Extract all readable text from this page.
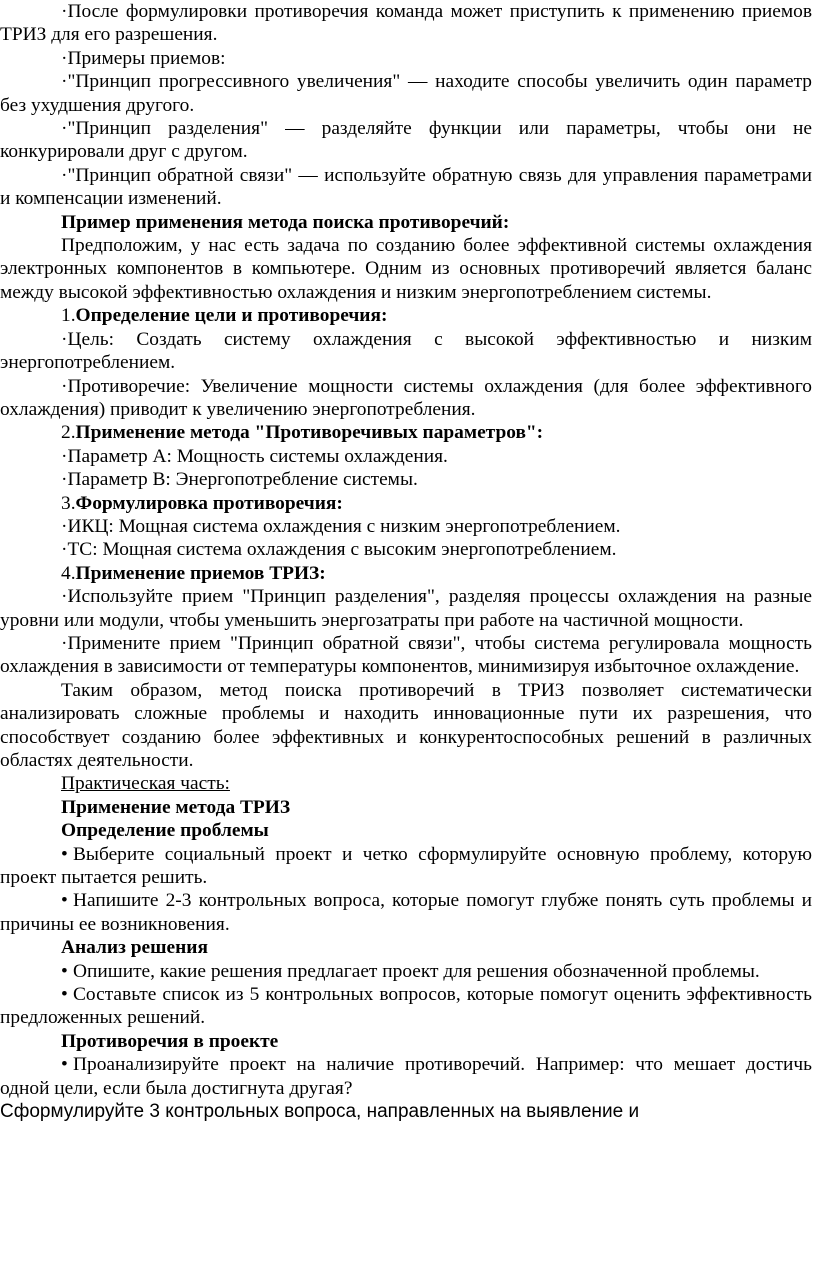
·После формулировки противоречия команда может приступить к применению приемов ТРИЗ для его разрешения.

·Примеры приемов:

·"Принцип прогрессивного увеличения" — находите способы увеличить один параметр без ухудшения другого.

·"Принцип разделения" — разделяйте функции или параметры, чтобы они не конкурировали друг с другом.

·"Принцип обратной связи" — используйте обратную связь для управления параметрами и компенсации изменений.

Пример применения метода поиска противоречий:

Предположим, у нас есть задача по созданию более эффективной системы охлаждения электронных компонентов в компьютере. Одним из основных противоречий является баланс между высокой эффективностью охлаждения и низким энергопотреблением системы.

1.Определение цели и противоречия:

·Цель: Создать систему охлаждения с высокой эффективностью и низким энергопотреблением.

·Противоречие: Увеличение мощности системы охлаждения (для более эффективного охлаждения) приводит к увеличению энергопотребления.

2.Применение метода "Противоречивых параметров":

·Параметр A: Мощность системы охлаждения.

·Параметр B: Энергопотребление системы.

3.Формулировка противоречия:

·ИКЦ: Мощная система охлаждения с низким энергопотреблением.

·ТС: Мощная система охлаждения с высоким энергопотреблением.

4.Применение приемов ТРИЗ:

·Используйте прием "Принцип разделения", разделяя процессы охлаждения на разные уровни или модули, чтобы уменьшить энергозатраты при работе на частичной мощности.

·Примените прием "Принцип обратной связи", чтобы система регулировала мощность охлаждения в зависимости от температуры компонентов, минимизируя избыточное охлаждение.

Таким образом, метод поиска противоречий в ТРИЗ позволяет систематически анализировать сложные проблемы и находить инновационные пути их разрешения, что способствует созданию более эффективных и конкурентоспособных решений в различных областях деятельности.

Практическая часть:

Применение метода ТРИЗ

Определение проблемы

• Выберите социальный проект и четко сформулируйте основную проблему, которую проект пытается решить.

• Напишите 2-3 контрольных вопроса, которые помогут глубже понять суть проблемы и причины ее возникновения.

Анализ решения

• Опишите, какие решения предлагает проект для решения обозначенной проблемы.

• Составьте список из 5 контрольных вопросов, которые помогут оценить эффективность предложенных решений.

Противоречия в проекте

• Проанализируйте проект на наличие противоречий. Например: что мешает достичь одной цели, если была достигнута другая?

Сформулируйте 3 контрольных вопроса, направленных на выявление и
